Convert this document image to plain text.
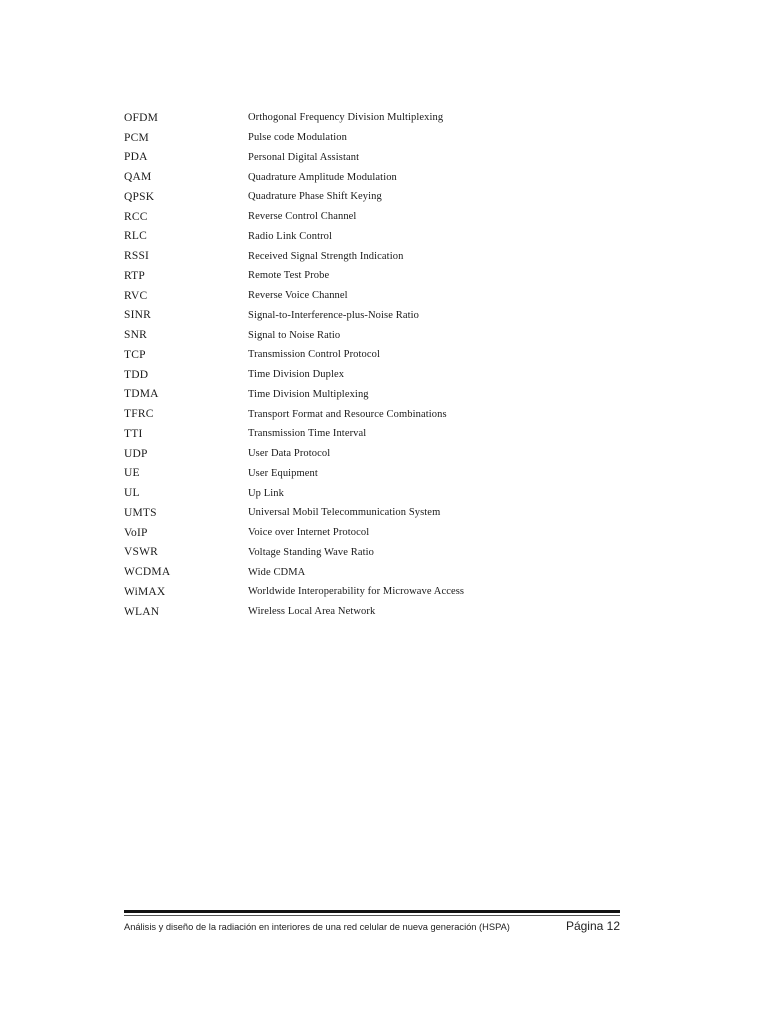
OFDM	Orthogonal Frequency Division Multiplexing
PCM	Pulse code Modulation
PDA	Personal Digital Assistant
QAM	Quadrature Amplitude Modulation
QPSK	Quadrature Phase Shift Keying
RCC	Reverse Control Channel
RLC	Radio Link Control
RSSI	Received Signal Strength Indication
RTP	Remote Test Probe
RVC	Reverse Voice Channel
SINR	Signal-to-Interference-plus-Noise Ratio
SNR	Signal to Noise Ratio
TCP	Transmission Control Protocol
TDD	Time Division Duplex
TDMA	Time Division Multiplexing
TFRC	Transport Format and Resource Combinations
TTI	Transmission Time Interval
UDP	User Data Protocol
UE	User Equipment
UL	Up Link
UMTS	Universal Mobil Telecommunication System
VoIP	Voice over Internet Protocol
VSWR	Voltage Standing Wave Ratio
WCDMA	Wide CDMA
WiMAX	Worldwide Interoperability for Microwave Access
WLAN	Wireless Local Area Network
Análisis y diseño de la radiación en interiores de una red celular de nueva generación (HSPA)	Página 12
